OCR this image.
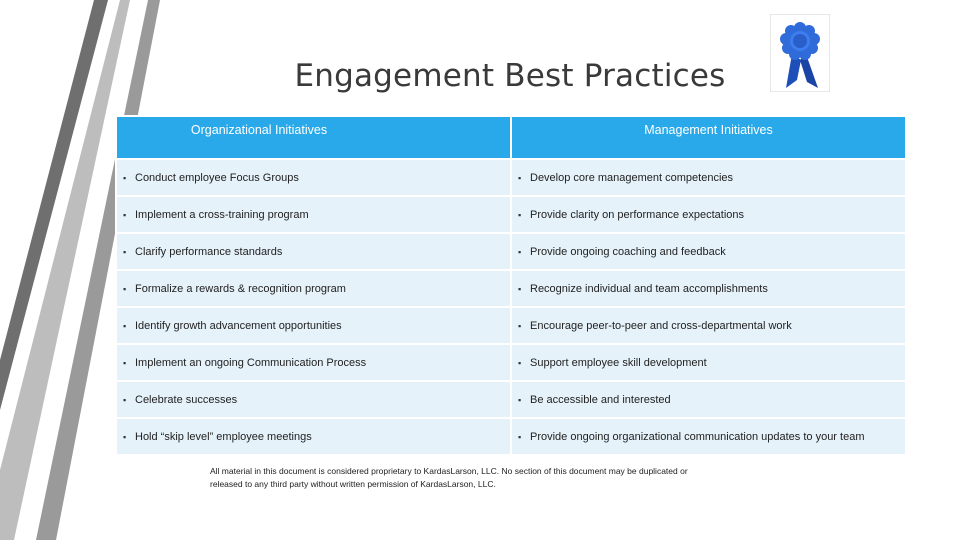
Engagement Best Practices
Organizational Initiatives	Management Initiatives
▪ Conduct employee Focus Groups	▪ Develop core management competencies
▪ Implement a cross-training program	▪ Provide clarity on performance expectations
▪ Clarify performance standards	▪ Provide ongoing coaching and feedback
▪ Formalize a rewards & recognition program	▪ Recognize individual and team accomplishments
▪ Identify growth advancement opportunities	▪ Encourage peer-to-peer and cross-departmental work
▪ Implement an ongoing Communication Process	▪ Support employee skill development
▪ Celebrate successes	▪ Be accessible and interested
▪ Hold “skip level” employee meetings	▪ Provide ongoing organizational communication updates to your team
All material in this document is considered proprietary to KardasLarson, LLC. No section of this document may be duplicated or
released to any third party without written permission of KardasLarson, LLC.
